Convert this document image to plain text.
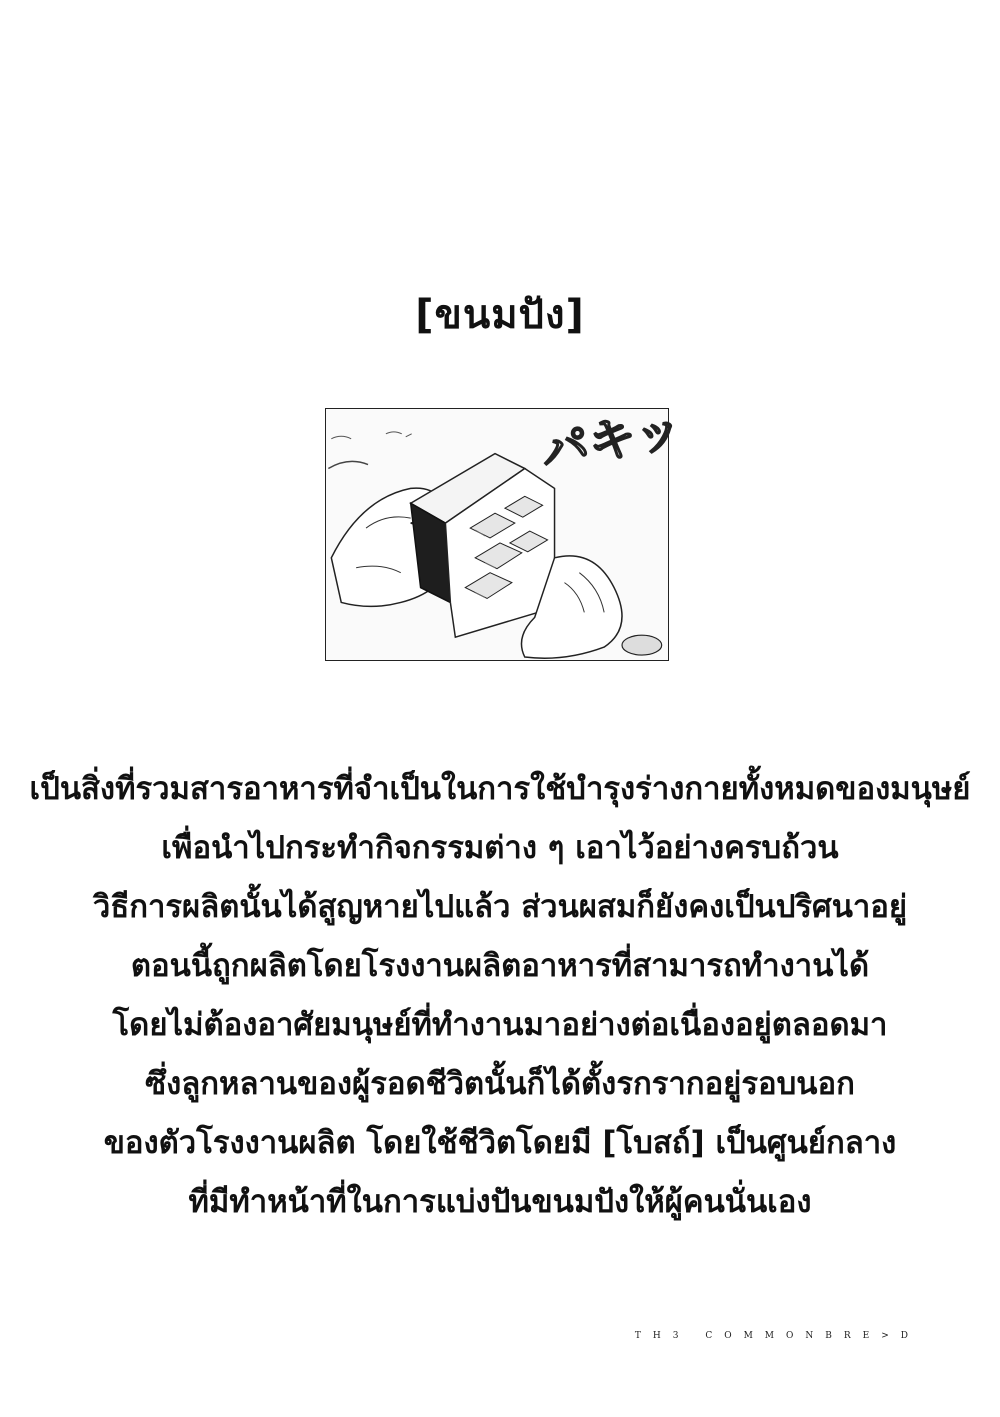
[ขนมปัง]
パキッ
เป็นสิ่งที่รวมสารอาหารที่จำเป็นในการใช้บำรุงร่างกายทั้งหมดของมนุษย์
เพื่อนำไปกระทำกิจกรรมต่าง ๆ เอาไว้อย่างครบถ้วน
วิธีการผลิตนั้นได้สูญหายไปแล้ว ส่วนผสมก็ยังคงเป็นปริศนาอยู่
ตอนนี้ถูกผลิตโดยโรงงานผลิตอาหารที่สามารถทำงานได้
โดยไม่ต้องอาศัยมนุษย์ที่ทำงานมาอย่างต่อเนื่องอยู่ตลอดมา
ซึ่งลูกหลานของผู้รอดชีวิตนั้นก็ได้ตั้งรกรากอยู่รอบนอก
ของตัวโรงงานผลิต โดยใช้ชีวิตโดยมี [โบสถ์] เป็นศูนย์กลาง
ที่มีทำหน้าที่ในการแบ่งปันขนมปังให้ผู้คนนั่นเอง
TH3 COMMONBRE>D
